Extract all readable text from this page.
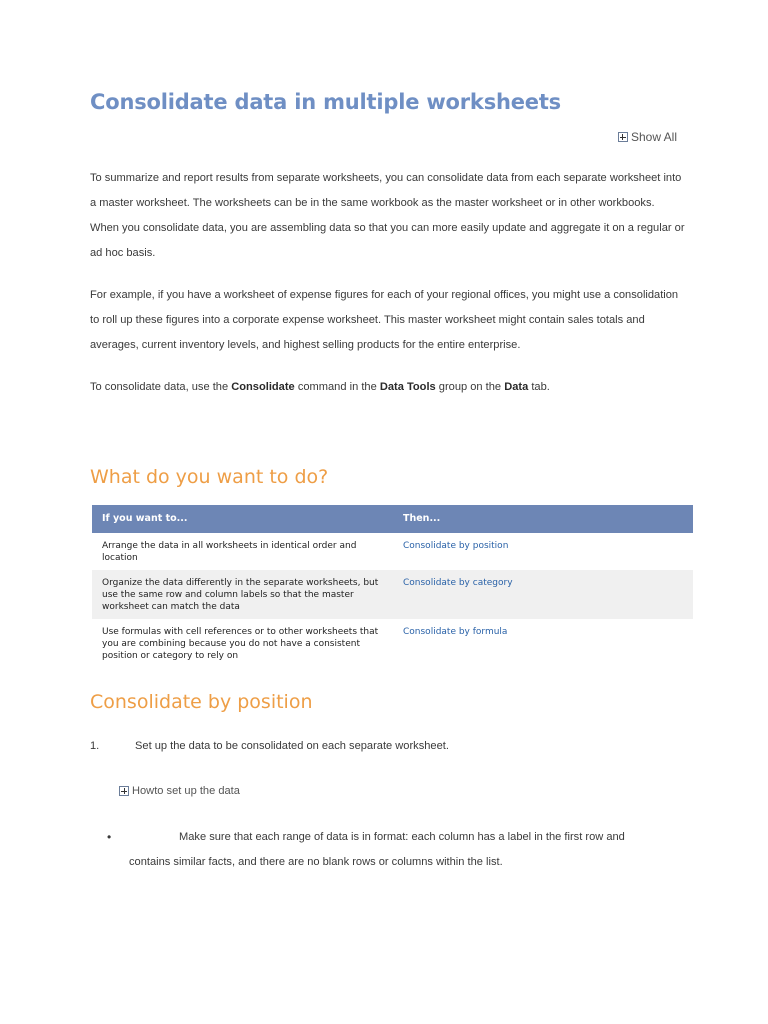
Consolidate data in multiple worksheets
Show All

To summarize and report results from separate worksheets, you can consolidate data from each separate worksheet into a master worksheet. The worksheets can be in the same workbook as the master worksheet or in other workbooks. When you consolidate data, you are assembling data so that you can more easily update and aggregate it on a regular or ad hoc basis.

For example, if you have a worksheet of expense figures for each of your regional offices, you might use a consolidation to roll up these figures into a corporate expense worksheet. This master worksheet might contain sales totals and averages, current inventory levels, and highest selling products for the entire enterprise.

To consolidate data, use the Consolidate command in the Data Tools group on the Data tab.

What do you want to do?
If you want to...	Then...
Arrange the data in all worksheets in identical order and location	Consolidate by position
Organize the data differently in the separate worksheets, but use the same row and column labels so that the master worksheet can match the data	Consolidate by category
Use formulas with cell references or to other worksheets that you are combining because you do not have a consistent position or category to rely on	Consolidate by formula
Consolidate by position
1.	Set up the data to be consolidated on each separate worksheet.
Howto set up the data
•	Make sure that each range of data is in format: each column has a label in the first row and
contains similar facts, and there are no blank rows or columns within the list.
